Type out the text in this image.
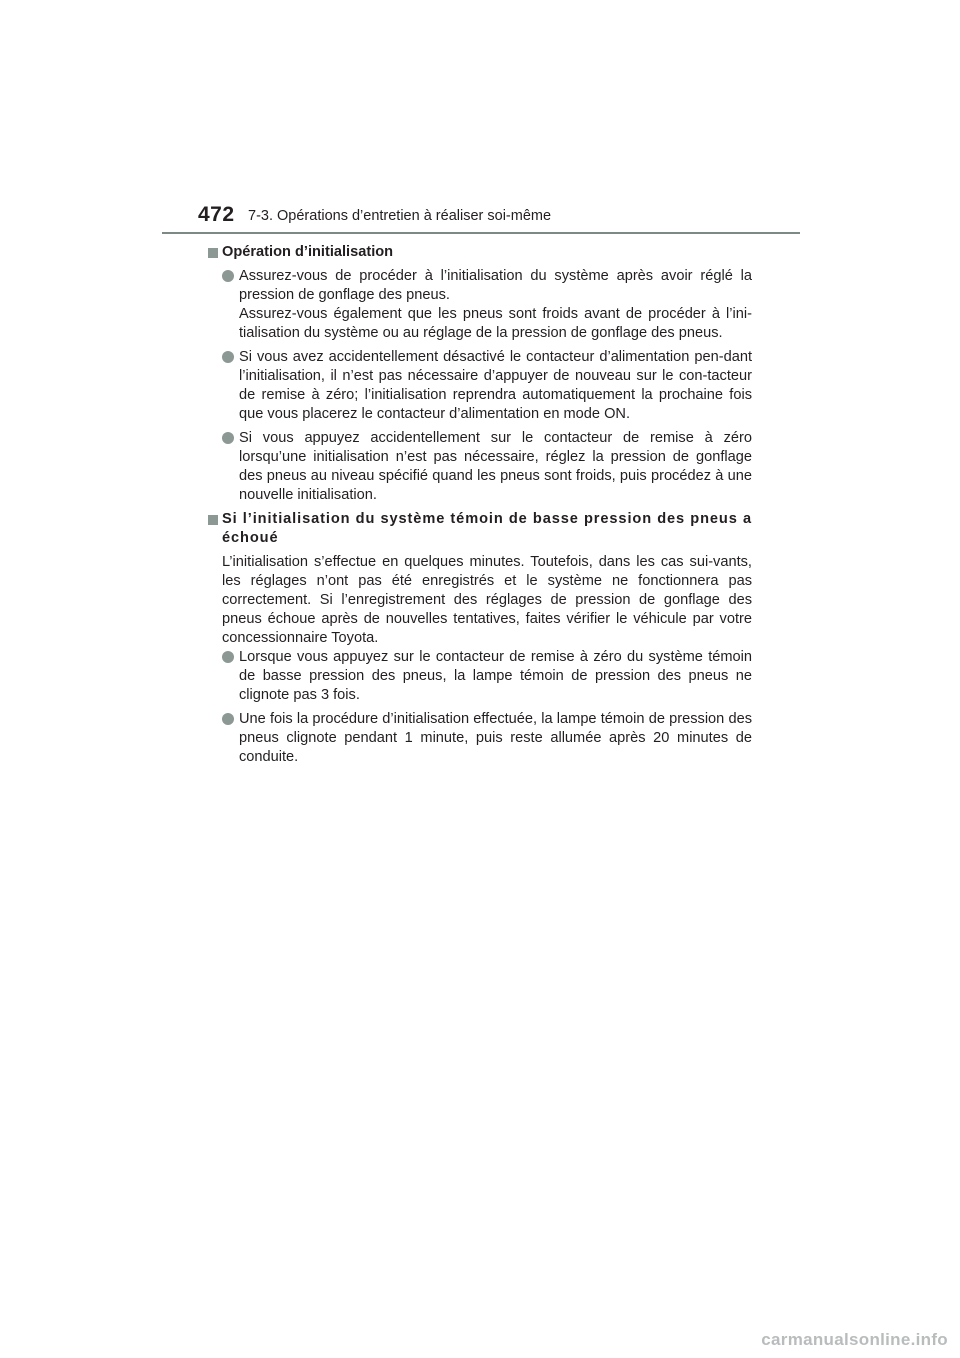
472 7-3. Opérations d’entretien à réaliser soi-même
Opération d’initialisation

Assurez-vous de procéder à l’initialisation du système après avoir réglé la pression de gonflage des pneus.

Assurez-vous également que les pneus sont froids avant de procéder à l’ini-tialisation du système ou au réglage de la pression de gonflage des pneus.

Si vous avez accidentellement désactivé le contacteur d’alimentation pen-dant l’initialisation, il n’est pas nécessaire d’appuyer de nouveau sur le con-tacteur de remise à zéro; l’initialisation reprendra automatiquement la prochaine fois que vous placerez le contacteur d’alimentation en mode ON.

Si vous appuyez accidentellement sur le contacteur de remise à zéro lorsqu’une initialisation n’est pas nécessaire, réglez la pression de gonflage des pneus au niveau spécifié quand les pneus sont froids, puis procédez à une nouvelle initialisation.

Si l’initialisation du système témoin de basse pression des pneus a échoué

L’initialisation s’effectue en quelques minutes. Toutefois, dans les cas sui-vants, les réglages n’ont pas été enregistrés et le système ne fonctionnera pas correctement. Si l’enregistrement des réglages de pression de gonflage des pneus échoue après de nouvelles tentatives, faites vérifier le véhicule par votre concessionnaire Toyota.

Lorsque vous appuyez sur le contacteur de remise à zéro du système témoin de basse pression des pneus, la lampe témoin de pression des pneus ne clignote pas 3 fois.

Une fois la procédure d’initialisation effectuée, la lampe témoin de pression des pneus clignote pendant 1 minute, puis reste allumée après 20 minutes de conduite.

carmanualsonline.info
